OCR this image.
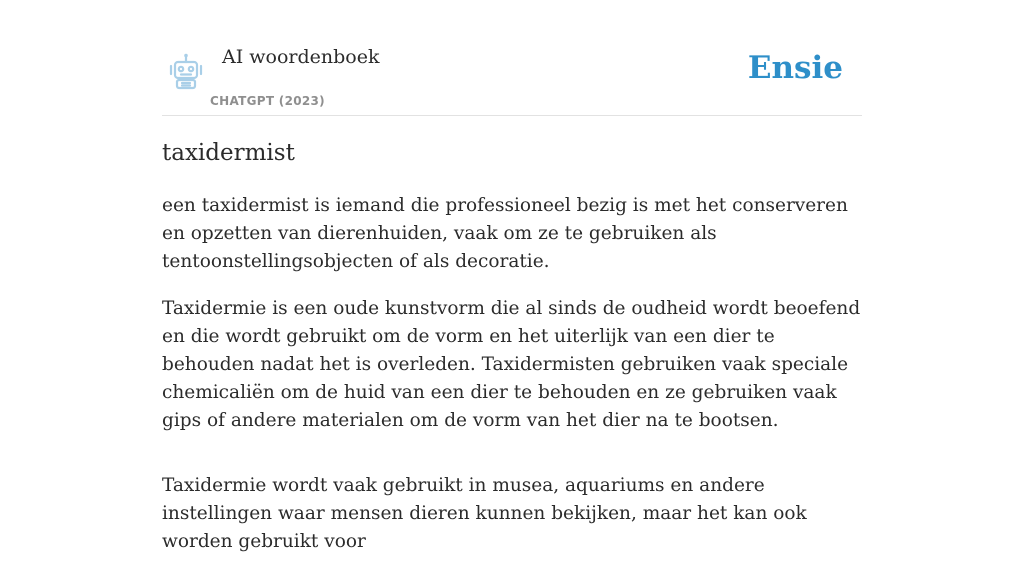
AI woordenboek
CHATGPT (2023)
Ensie
taxidermist

een taxidermist is iemand die professioneel bezig is met het conserveren en opzetten van dierenhuiden, vaak om ze te gebruiken als tentoonstellingsobjecten of als decoratie.

Taxidermie is een oude kunstvorm die al sinds de oudheid wordt beoefend en die wordt gebruikt om de vorm en het uiterlijk van een dier te behouden nadat het is overleden. Taxidermisten gebruiken vaak speciale chemicaliën om de huid van een dier te behouden en ze gebruiken vaak gips of andere materialen om de vorm van het dier na te bootsen.

Taxidermie wordt vaak gebruikt in musea, aquariums en andere instellingen waar mensen dieren kunnen bekijken, maar het kan ook worden gebruikt voor
